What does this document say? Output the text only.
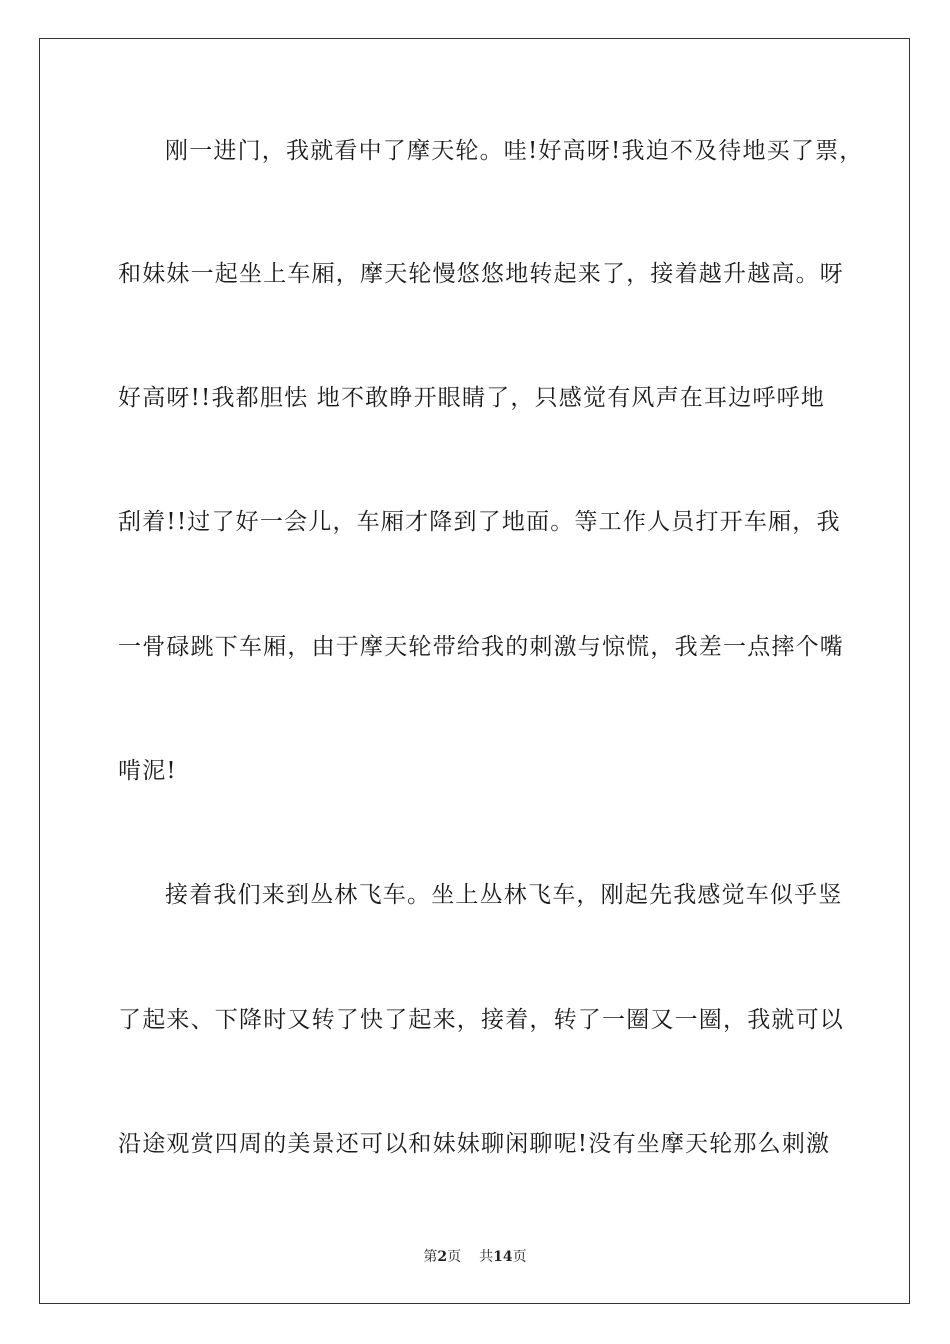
刚一进门，我就看中了摩天轮。哇!好高呀!我迫不及待地买了票，
和妹妹一起坐上车厢，摩天轮慢悠悠地转起来了，接着越升越高。呀
好高呀!!我都胆怯 地不敢睁开眼睛了，只感觉有风声在耳边呼呼地
刮着!!过了好一会儿，车厢才降到了地面。等工作人员打开车厢，我
一骨碌跳下车厢，由于摩天轮带给我的刺激与惊慌，我差一点摔个嘴
啃泥!
接着我们来到丛林飞车。坐上丛林飞车，刚起先我感觉车似乎竖
了起来、下降时又转了快了起来，接着，转了一圈又一圈，我就可以
沿途观赏四周的美景还可以和妹妹聊闲聊呢!没有坐摩天轮那么刺激
第2页 共14页
